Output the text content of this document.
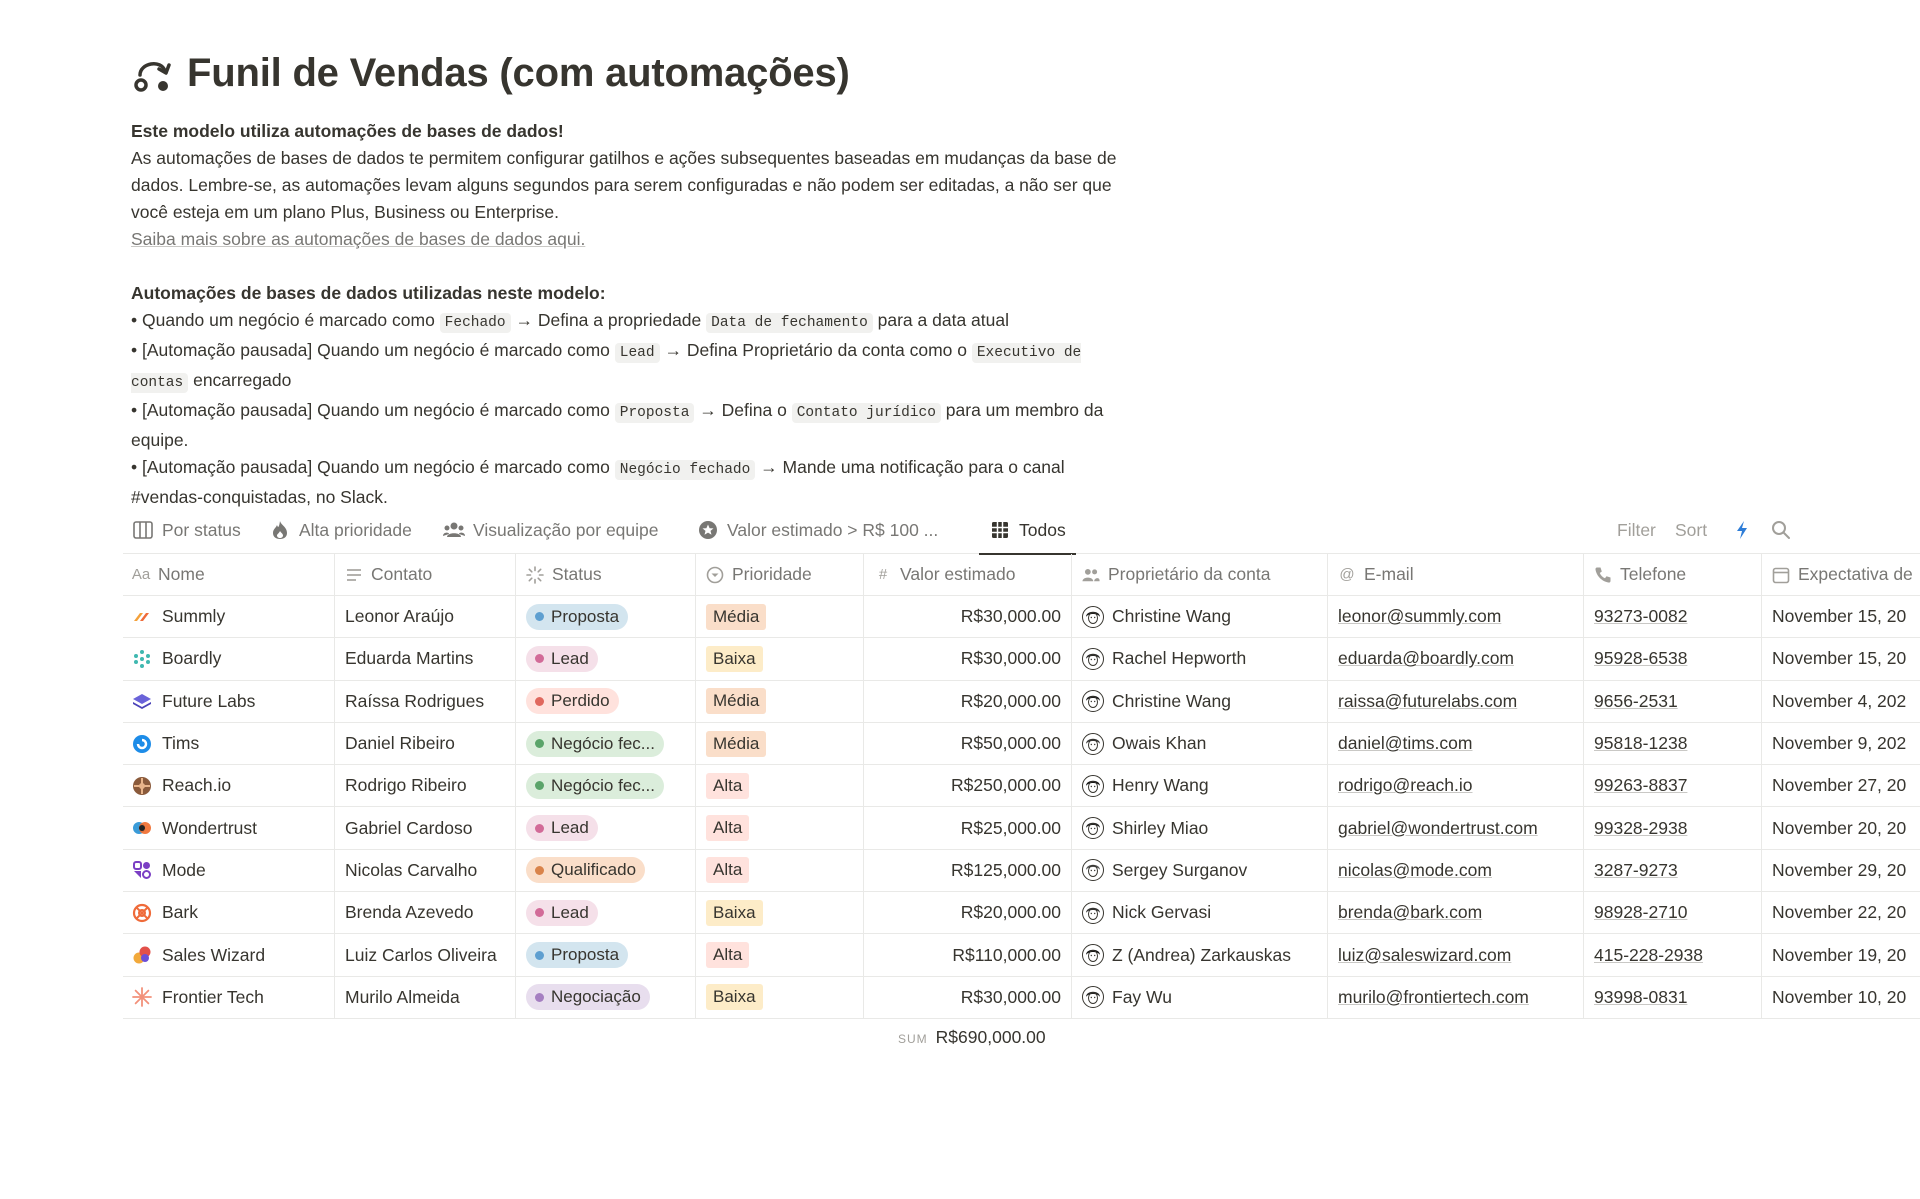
Funil de Vendas (com automações)

Este modelo utiliza automações de bases de dados!

As automações de bases de dados te permitem configurar gatilhos e ações subsequentes baseadas em mudanças da base de dados. Lembre-se, as automações levam alguns segundos para serem configuradas e não podem ser editadas, a não ser que você esteja em um plano Plus, Business ou Enterprise.

Saiba mais sobre as automações de bases de dados aqui.

Automações de bases de dados utilizadas neste modelo:

• Quando um negócio é marcado como Fechado → Defina a propriedade Data de fechamento para a data atual

• [Automação pausada] Quando um negócio é marcado como Lead → Defina Proprietário da conta como o Executivo de contas encarregado

• [Automação pausada] Quando um negócio é marcado como Proposta → Defina o Contato jurídico para um membro da equipe.

• [Automação pausada] Quando um negócio é marcado como Negócio fechado → Mande uma notificação para o canal #vendas-conquistadas, no Slack.

Por status	Alta prioridade	Visualização por equipe	Valor estimado > R$ 100 ...	Todos	Filter Sort
Aa Nome	Contato	Status	Prioridade	# Valor estimado	Proprietário da conta	@ E-mail	Telefone	Expectativa de
Summly	Leonor Araújo	Proposta	Média	R$30,000.00	Christine Wang	leonor@summly.com	93273-0082	November 15, 20
Boardly	Eduarda Martins	Lead	Baixa	R$30,000.00	Rachel Hepworth	eduarda@boardly.com	95928-6538	November 15, 20
Future Labs	Raíssa Rodrigues	Perdido	Média	R$20,000.00	Christine Wang	raissa@futurelabs.com	9656-2531	November 4, 202
Tims	Daniel Ribeiro	Negócio fec...	Média	R$50,000.00	Owais Khan	daniel@tims.com	95818-1238	November 9, 202
Reach.io	Rodrigo Ribeiro	Negócio fec...	Alta	R$250,000.00	Henry Wang	rodrigo@reach.io	99263-8837	November 27, 20
Wondertrust	Gabriel Cardoso	Lead	Alta	R$25,000.00	Shirley Miao	gabriel@wondertrust.com	99328-2938	November 20, 20
Mode	Nicolas Carvalho	Qualificado	Alta	R$125,000.00	Sergey Surganov	nicolas@mode.com	3287-9273	November 29, 20
Bark	Brenda Azevedo	Lead	Baixa	R$20,000.00	Nick Gervasi	brenda@bark.com	98928-2710	November 22, 20
Sales Wizard	Luiz Carlos Oliveira	Proposta	Alta	R$110,000.00	Z (Andrea) Zarkauskas	luiz@saleswizard.com	415-228-2938	November 19, 20
Frontier Tech	Murilo Almeida	Negociação	Baixa	R$30,000.00	Fay Wu	murilo@frontiertech.com	93998-0831	November 10, 20
SUM R$690,000.00
